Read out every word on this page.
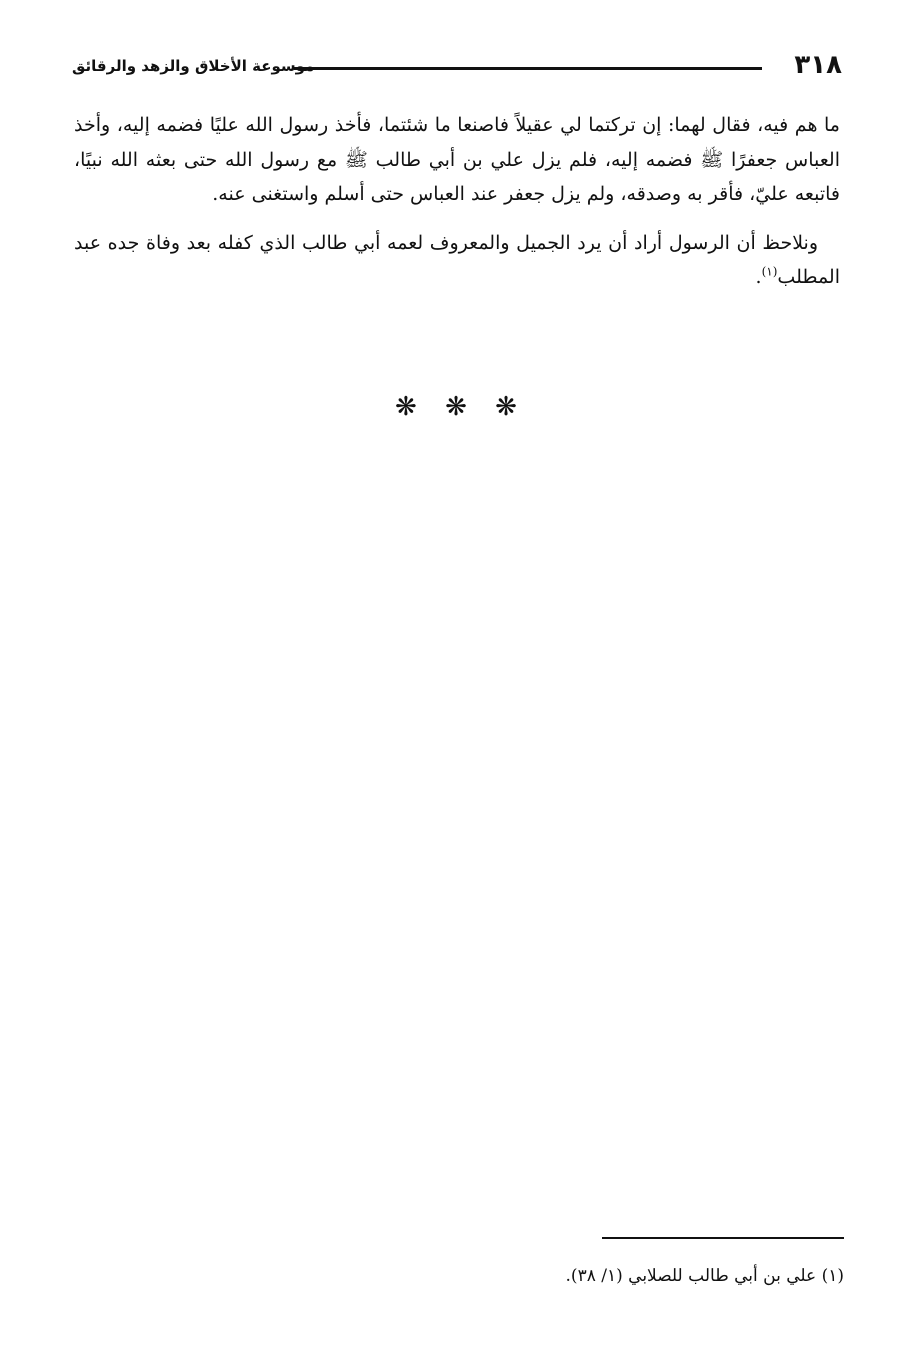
٣١٨
موسوعة الأخلاق والزهد والرقائق

ما هم فيه، فقال لهما: إن تركتما لي عقيلاً فاصنعا ما شئتما، فأخذ رسول الله عليًا فضمه إليه، وأخذ العباس جعفرًا ﷺ فضمه إليه، فلم يزل علي بن أبي طالب ﷺ مع رسول الله حتى بعثه الله نبيًا، فاتبعه عليّ، فأقر به وصدقه، ولم يزل جعفر عند العباس حتى أسلم واستغنى عنه.

ونلاحظ أن الرسول أراد أن يرد الجميل والمعروف لعمه أبي طالب الذي كفله بعد وفاة جده عبد المطلب$^{(١)}$.

❋ ❋ ❋
(١) علي بن أبي طالب للصلابي (١/ ٣٨).
